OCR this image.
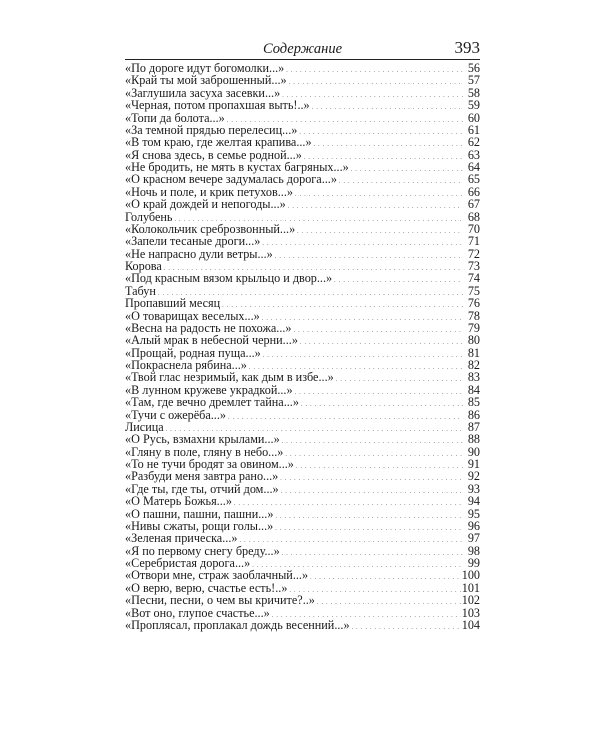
Содержание	393
«По дороге идут богомолки...» . . .	56
«Край ты мой заброшенный...» . . .	57
«Заглушила засуха засевки...» . . .	58
«Черная, потом пропахшая выть!..» . . .	59
«Топи да болота...» . . .	60
«За темной прядью перелесиц...» . . .	61
«В том краю, где желтая крапива...» . . .	62
«Я снова здесь, в семье родной...» . . .	63
«Не бродить, не мять в кустах багряных...» . . .	64
«О красном вечере задумалась дорога...» . . .	65
«Ночь и поле, и крик петухов...» . . .	66
«О край дождей и непогоды...» . . .	67
Голубень . . .	68
«Колокольчик среброзвонный...» . . .	70
«Запели тесаные дроги...» . . .	71
«Не напрасно дули ветры...» . . .	72
Корова . . .	73
«Под красным вязом крыльцо и двор...» . . .	74
Табун . . .	75
Пропавший месяц . . .	76
«О товарищах веселых...» . . .	78
«Весна на радость не похожа...» . . .	79
«Алый мрак в небесной черни...» . . .	80
«Прощай, родная пуща...» . . .	81
«Покраснела рябина...» . . .	82
«Твой глас незримый, как дым в избе...» . . .	83
«В лунном кружеве украдкой...» . . .	84
«Там, где вечно дремлет тайна...» . . .	85
«Тучи с ожерёба...» . . .	86
Лисица . . .	87
«О Русь, взмахни крылами...» . . .	88
«Гляну в поле, гляну в небо...» . . .	90
«То не тучи бродят за овином...» . . .	91
«Разбуди меня завтра рано...» . . .	92
«Где ты, где ты, отчий дом...» . . .	93
«О Матерь Божья...» . . .	94
«О пашни, пашни, пашни...» . . .	95
«Нивы сжаты, рощи голы...» . . .	96
«Зеленая прическа...» . . .	97
«Я по первому снегу бреду...» . . .	98
«Серебристая дорога...» . . .	99
«Отвори мне, страж заоблачный...» . . .	100
«О верю, верю, счастье есть!..» . . .	101
«Песни, песни, о чем вы кричите?..» . . .	102
«Вот оно, глупое счастье...» . . .	103
«Проплясал, проплакал дождь весенний...» . . .	104
